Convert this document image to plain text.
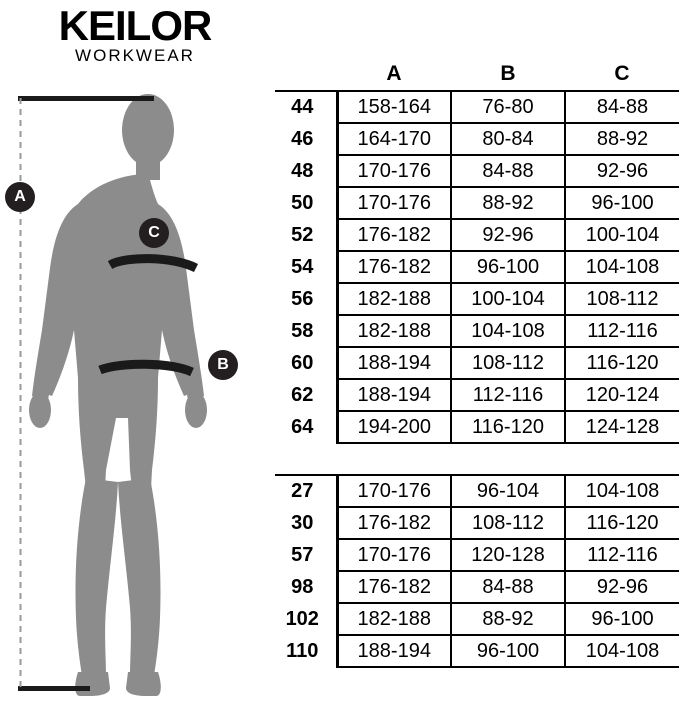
KEILOR
WORKWEAR
A
C
B
	A	B	C
44	158-164	76-80	84-88
46	164-170	80-84	88-92
48	170-176	84-88	92-96
50	170-176	88-92	96-100
52	176-182	92-96	100-104
54	176-182	96-100	104-108
56	182-188	100-104	108-112
58	182-188	104-108	112-116
60	188-194	108-112	116-120
62	188-194	112-116	120-124
64	194-200	116-120	124-128
27	170-176	96-104	104-108
30	176-182	108-112	116-120
57	170-176	120-128	112-116
98	176-182	84-88	92-96
102	182-188	88-92	96-100
110	188-194	96-100	104-108
